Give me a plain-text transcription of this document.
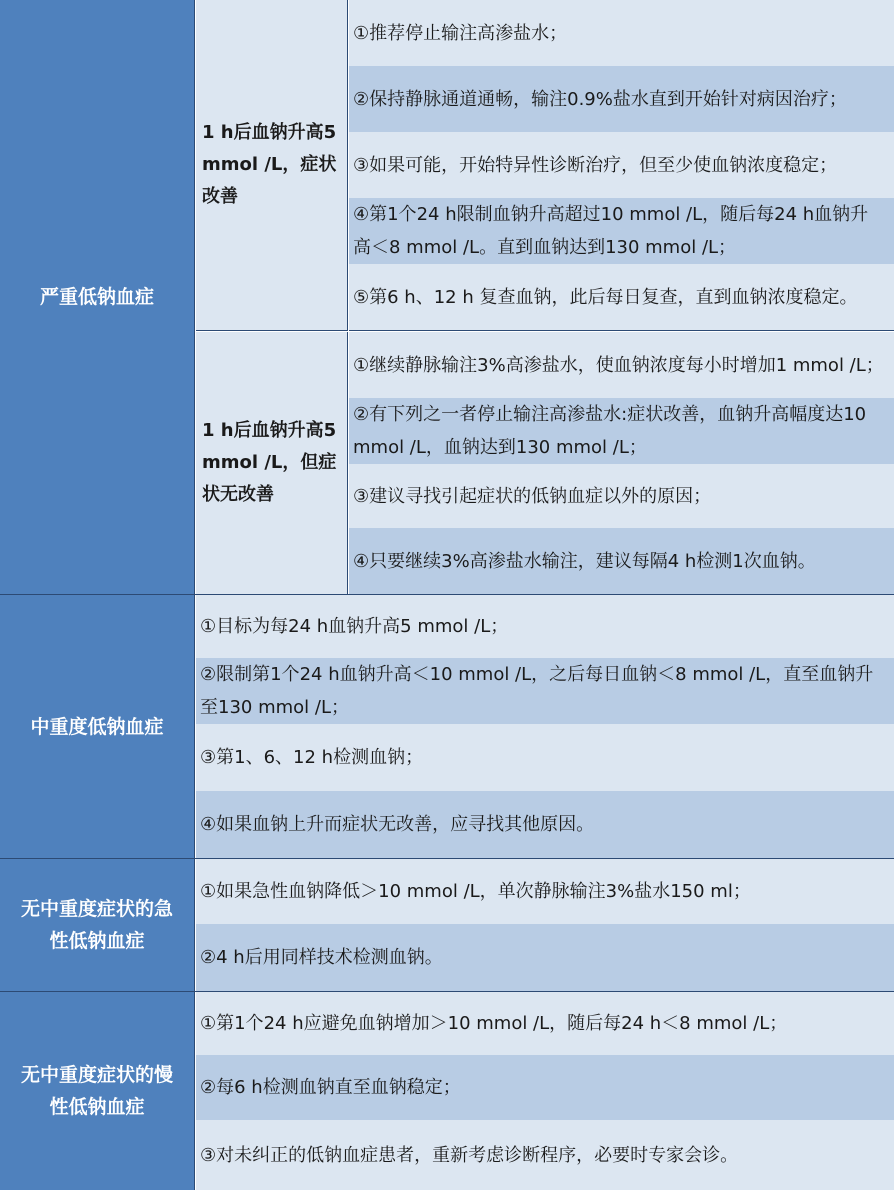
严重低钠血症
1 h后血钠升高5 mmol /L，症状改善
①推荐停止输注高渗盐水；
②保持静脉通道通畅，输注0.9%盐水直到开始针对病因治疗；
③如果可能，开始特异性诊断治疗，但至少使血钠浓度稳定；
④第1个24 h限制血钠升高超过10 mmol /L，随后每24 h血钠升高＜8 mmol /L。直到血钠达到130 mmol /L；
⑤第6 h、12 h 复查血钠，此后每日复查，直到血钠浓度稳定。
①继续静脉输注3%高渗盐水，使血钠浓度每小时增加1 mmol /L；
②有下列之一者停止输注高渗盐水:症状改善，血钠升高幅度达10 mmol /L，血钠达到130 mmol /L；
③建议寻找引起症状的低钠血症以外的原因；
④只要继续3%高渗盐水输注，建议每隔4 h检测1次血钠。
1 h后血钠升高5 mmol /L，但症状无改善
中重度低钠血症
①目标为每24 h血钠升高5 mmol /L；
②限制第1个24 h血钠升高＜10 mmol /L，之后每日血钠＜8 mmol /L，直至血钠升至130 mmol /L；
③第1、6、12 h检测血钠；
④如果血钠上升而症状无改善，应寻找其他原因。
无中重度症状的急性低钠血症
①如果急性血钠降低＞10 mmol /L，单次静脉输注3%盐水150 ml；
②4 h后用同样技术检测血钠。
无中重度症状的慢性低钠血症
①第1个24 h应避免血钠增加＞10 mmol /L，随后每24 h＜8 mmol /L；
②每6 h检测血钠直至血钠稳定；
③对未纠正的低钠血症患者，重新考虑诊断程序，必要时专家会诊。
